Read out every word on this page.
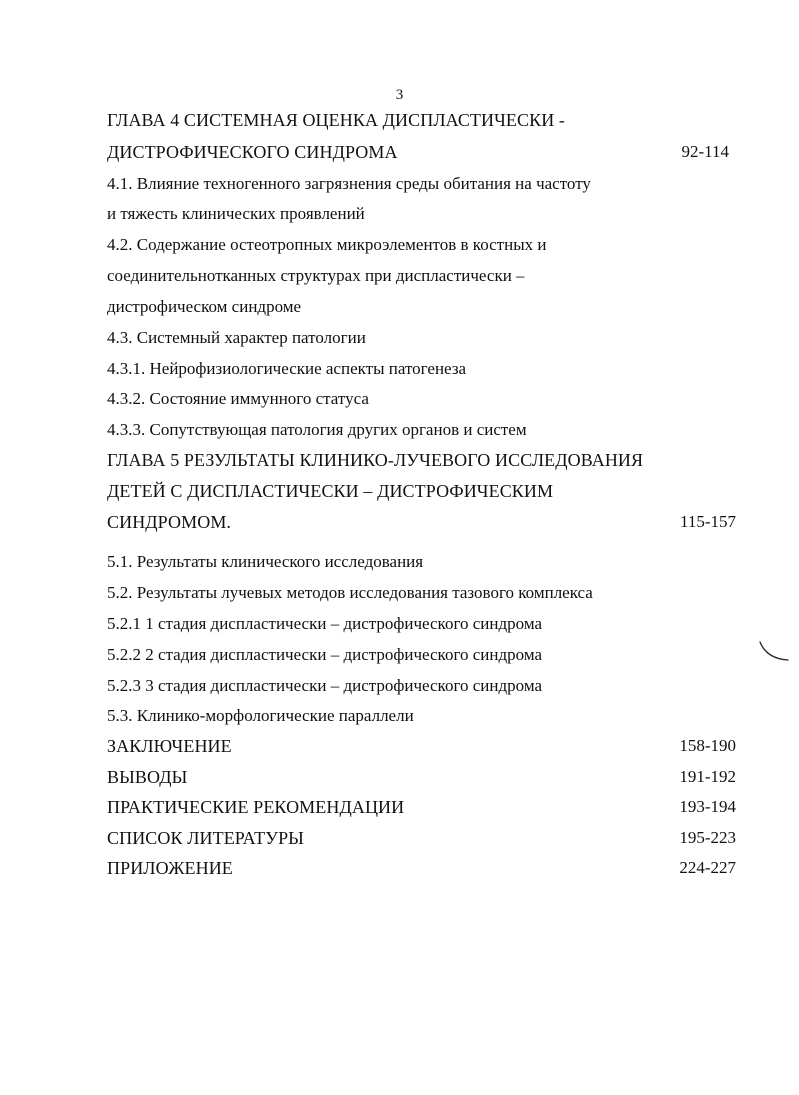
3
ГЛАВА 4 СИСТЕМНАЯ ОЦЕНКА ДИСПЛАСТИЧЕСКИ -
ДИСТРОФИЧЕСКОГО СИНДРОМА	92-114
4.1. Влияние техногенного загрязнения среды обитания на частоту
и тяжесть клинических проявлений
4.2. Содержание остеотропных микроэлементов в костных и
соединительнотканных структурах при диспластически –
дистрофическом синдроме
4.3. Системный характер патологии
4.3.1. Нейрофизиологические аспекты патогенеза
4.3.2. Состояние иммунного статуса
4.3.3. Сопутствующая патология других органов и систем
ГЛАВА 5 РЕЗУЛЬТАТЫ КЛИНИКО-ЛУЧЕВОГО ИССЛЕДОВАНИЯ
ДЕТЕЙ С ДИСПЛАСТИЧЕСКИ – ДИСТРОФИЧЕСКИМ
СИНДРОМОМ.	115-157
5.1. Результаты клинического исследования
5.2. Результаты лучевых методов исследования тазового комплекса
5.2.1 1 стадия диспластически – дистрофического синдрома
5.2.2 2 стадия диспластически – дистрофического синдрома
5.2.3 3 стадия диспластически – дистрофического синдрома
5.3. Клинико-морфологические параллели
ЗАКЛЮЧЕНИЕ	158-190
ВЫВОДЫ	191-192
ПРАКТИЧЕСКИЕ РЕКОМЕНДАЦИИ	193-194
СПИСОК ЛИТЕРАТУРЫ	195-223
ПРИЛОЖЕНИЕ	224-227
